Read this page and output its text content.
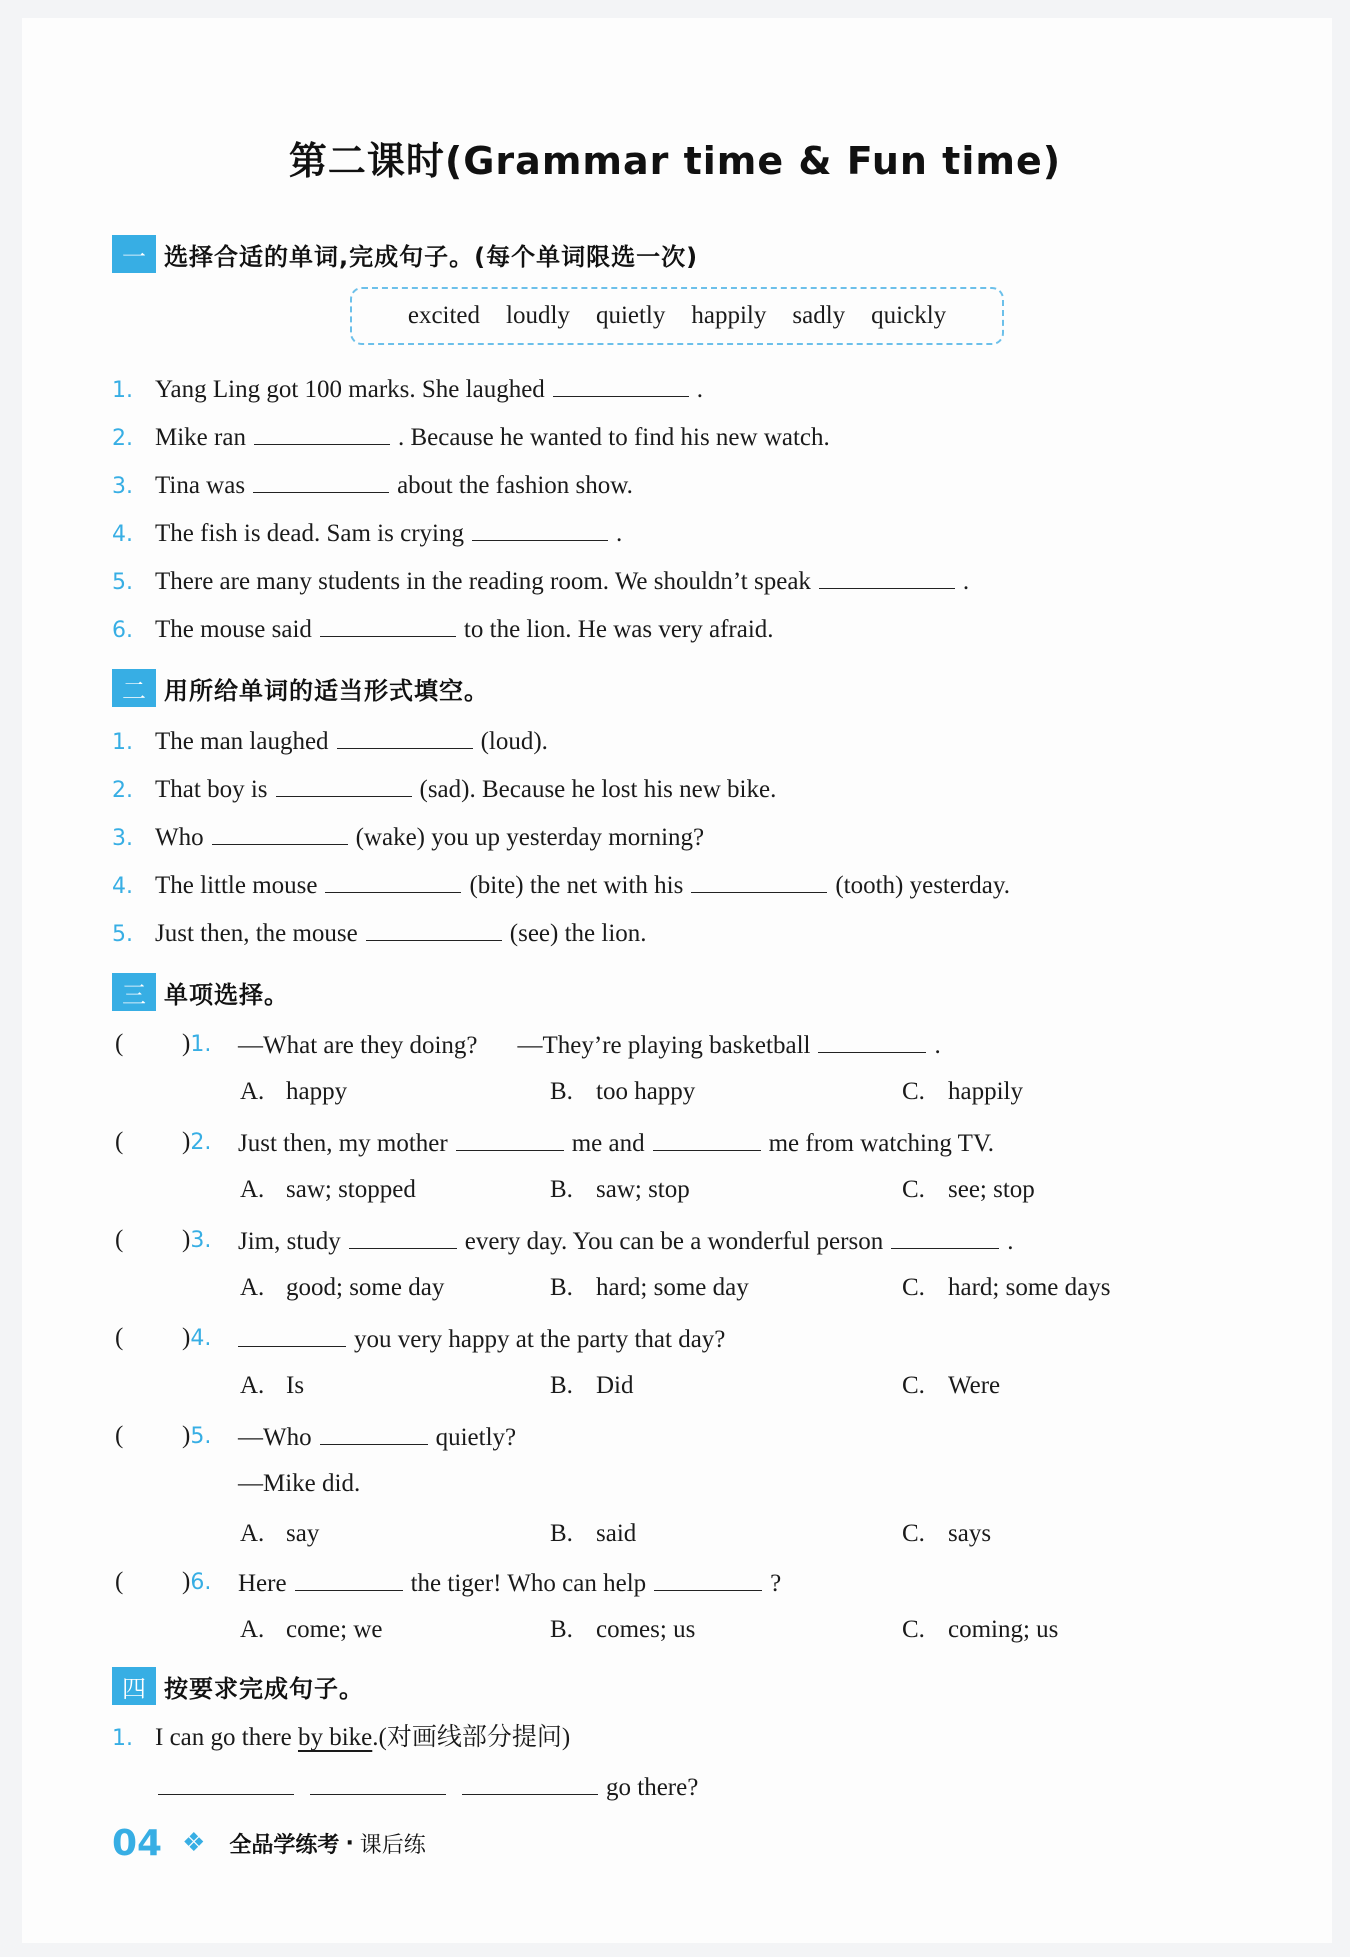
第二课时(Grammar time & Fun time)
一 选择合适的单词,完成句子。(每个单词限选一次)
excited loudly quietly happily sadly quickly
1. Yang Ling got 100 marks. She laughed	.
2. Mike ran	. Because he wanted to find his new watch.
3. Tina was	about the fashion show.
4. The fish is dead. Sam is crying	.
5. There are many students in the reading room. We shouldn’t speak	.
6. The mouse said	to the lion. He was very afraid.
二 用所给单词的适当形式填空。
1. The man laughed	(loud).
2. That boy is	(sad). Because he lost his new bike.
3. Who	(wake) you up yesterday morning?
4. The little mouse	(bite) the net with his	(tooth) yesterday.
5. Just then, the mouse	(see) the lion.
三 单项选择。
( )1. —What are they doing? —They’re playing basketball	.
A. happy	B. too happy	C. happily
( )2. Just then, my mother	me and	me from watching TV.
A. saw; stopped	B. saw; stop	C. see; stop
( )3. Jim, study	every day. You can be a wonderful person	.
A. good; some day	B. hard; some day	C. hard; some days
( )4.	you very happy at the party that day?
A. Is	B. Did	C. Were
( )5. —Who	quietly?
—Mike did.
A. say	B. said	C. says
( )6. Here	the tiger! Who can help	?
A. come; we	B. comes; us	C. coming; us
四 按要求完成句子。
1. I can go there by bike.(对画线部分提问)
go there?
04 ❖ 全品学练考 · 课后练
